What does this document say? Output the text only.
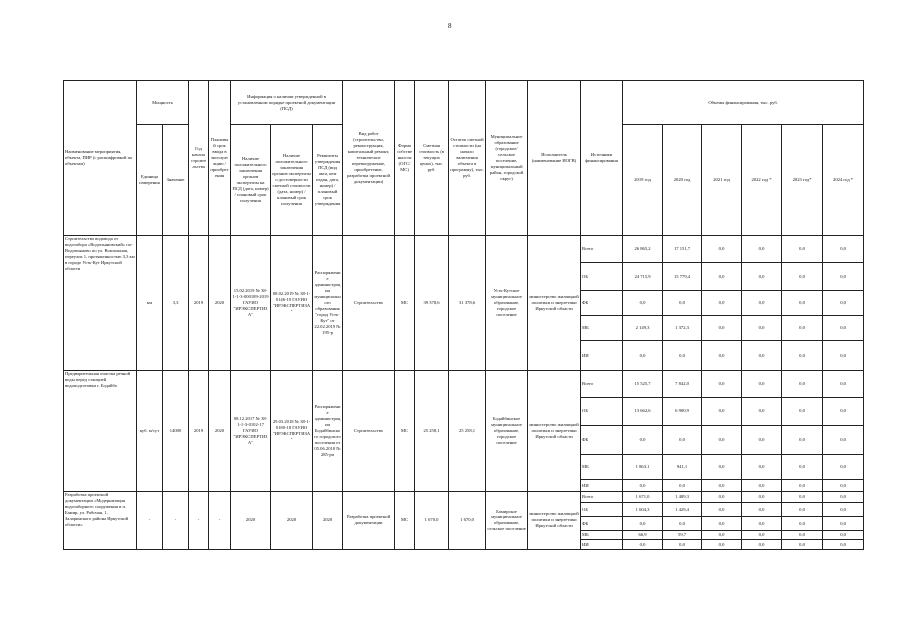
8
Наименование мероприятия, объекта, ПИР (с расшифровкой по объектам)	Мощность		Год начала строительства	Плановый срок ввода в эксплуатацию / приобретения	Информация о наличии утвержденной в установленном порядке проектной документации (ПСД)			Вид работ (строительство, реконструкция, капитальный ремонт, техническое перевооружение, приобретение, разработка проектной документации)	Форма собственности (ОГС/МС)	Сметная стоимость (в текущих ценах), тыс. руб.	Остаток сметной стоимости (на начало включения объекта в программу), тыс. руб.	Муниципальное образование (городское/сельское поселение, муниципальный район, городской округ)	Исполнитель (наименование ИОГВ)	Источники финансирования	Объемы финансирования, тыс. руб.					
	Единица измерения	Значение			Наличие положительного заключения органов экспертизы на ПСД (дата, номер) / плановый срок получения	Наличие положительного заключения органов экспертизы о достоверности сметной стоимости (дата, номер) / плановый срок получения	Реквизиты утверждения ПСД (вид акта, кем издан, дата, номер) / плановый срок утверждения								2019 год	2020 год	2021 год	2022 год *	2023 год*	2024 год *
Строительство водовода от водозабора «Водопьяновский» по-Водопьяново по ул. Вокзальная, переулок 1, протяженностью 3,3 км в городе Усть-Кут Иркутской области	км	3,3	2019	2020	15.02.2019 № 38-1-1-3-000189-2019 ГАУИО "ИРЭКСПЕРТИЗА"	08.02.2019 № 38-1-0146-19 ГАУИО "ИРЭКСПЕРТИЗА"	Распоряжение администрации муниципального образования "город Усть-Кут" от 22.02.2019 № 195-р	Строительство	МС	39 378,6	31 378,6	Усть-Кутское муниципальное образование, городское поселение	министерство жилищной политики и энергетики Иркутской области	Всего	26 865,2	17 151,7	0,0	0,0	0,0	0,0
														ОБ	24 715,9	15 779,4	0,0	0,0	0,0	0,0
														ФБ	0,0	0,0	0,0	0,0	0,0	0,0
														МБ	2 149,3	1 372,3	0,0	0,0	0,0	0,0
														ИИ	0,0	0,0	0,0	0,0	0,0	0,0
Предварительная очистка речной воды перед станцией водоподготовки г. Бодайбо	куб. м/сут	14000	2019	2020	08.12.2017 № 38-1-1-3-0102-17 ГАУИО "ИРЭКСПЕРТИЗА"	29.03.2018 № 38-1-0180-18 ГАУИО "ИРЭКСПЕРТИЗА"	Распоряжение администрации Бодайбинского городского поселения от 05.06.2018 № 285-рп	Строительство	МС	25 258,1	25 258,1	Бодайбинское муниципальное образование, городское поселение	министерство жилищной политики и энергетики Иркутской области	Всего	15 525,7	7 842,0	0,0	0,0	0,0	0,0
														ОБ	13 662,6	6 900,9	0,0	0,0	0,0	0,0
														ФБ	0,0	0,0	0,0	0,0	0,0	0,0
														МБ	1 863,1	941,1	0,0	0,0	0,0	0,0
														ИИ	0,0	0,0	0,0	0,0	0,0	0,0
Разработка проектной документации «Модернизация водозаборного сооружения в п. Бамир, ул. Рабочая, 1, Заларинского района Иркутской области»	-	-	-	-	2020	2020	2020	Разработка проектной документации	МС	1 670,0	1 670,0	Бамирское муниципальное образование, сельское поселение	министерство жилищной политики и энергетики Иркутской области	Всего	1 671,0	1 489,3	0,0	0,0	0,0	0,0
														ОБ	1 604,3	1 429,4	0,0	0,0	0,0	0,0
														ФБ	0,0	0,0	0,0	0,0	0,0	0,0
														МБ	66,9	59,7	0,0	0,0	0,0	0,0
														ИИ	0,0	0,0	0,0	0,0	0,0	0,0
